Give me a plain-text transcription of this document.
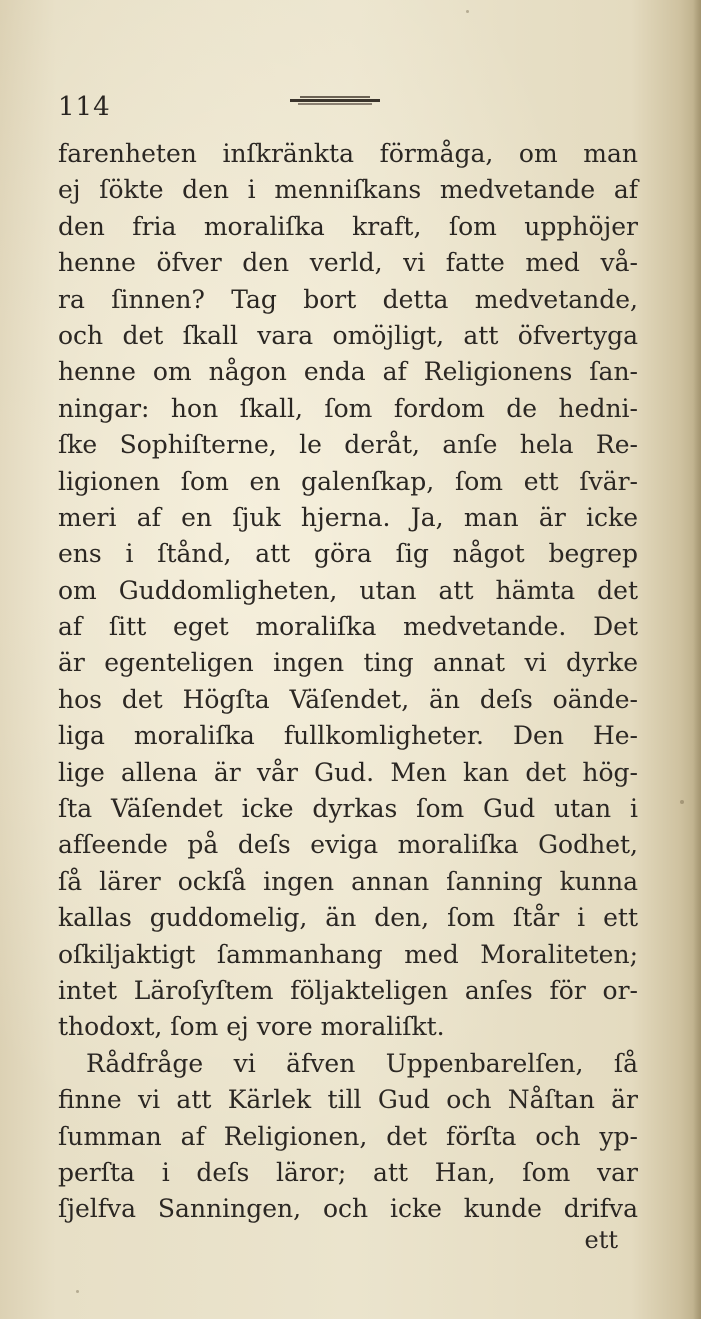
114
farenheten inſkränkta förmåga, om man
ej ſökte den i menniſkans medvetande af
den fria moraliſka kraft, ſom upphöjer
henne öfver den verld, vi fatte med vå-
ra ſinnen? Tag bort detta medvetande,
och det ſkall vara omöjligt, att öfvertyga
henne om någon enda af Religionens ſan-
ningar: hon ſkall, ſom fordom de hedni-
ſke Sophiſterne, le deråt, anſe hela Re-
ligionen ſom en galenſkap, ſom ett ſvär-
meri af en ſjuk hjerna. Ja, man är icke
ens i ſtånd, att göra ſig något begrep
om Guddomligheten, utan att hämta det
af ſitt eget moraliſka medvetande. Det
är egenteligen ingen ting annat vi dyrke
hos det Högſta Väſendet, än deſs oände-
liga moraliſka fullkomligheter. Den He-
lige allena är vår Gud. Men kan det hög-
ſta Väſendet icke dyrkas ſom Gud utan i
afſeende på deſs eviga moraliſka Godhet,
ſå lärer ockſå ingen annan ſanning kunna
kallas guddomelig, än den, ſom ſtår i ett
oſkiljaktigt ſammanhang med Moraliteten;
intet Läroſyſtem följakteligen anſes för or-
thodoxt, ſom ej vore moraliſkt.
Rådfråge vi äfven Uppenbarelſen, ſå
finne vi att Kärlek till Gud och Nåſtan är
ſumman af Religionen, det förſta och yp-
perſta i deſs läror; att Han, ſom var
ſjelfva Sanningen, och icke kunde drifva
ett
